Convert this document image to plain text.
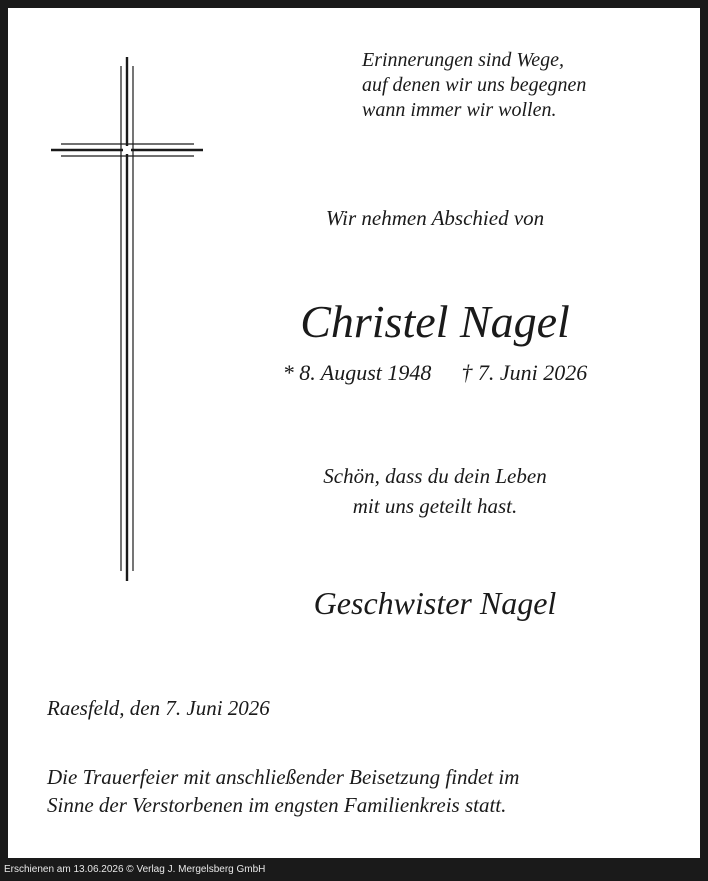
Erinnerungen sind Wege,
auf denen wir uns begegnen
wann immer wir wollen.
Wir nehmen Abschied von
Christel Nagel
* 8. August 1948 † 7. Juni 2026
Schön, dass du dein Leben
mit uns geteilt hast.
Geschwister Nagel
Raesfeld, den 7. Juni 2026
Die Trauerfeier mit anschließender Beisetzung findet im
Sinne der Verstorbenen im engsten Familienkreis statt.
Erschienen am 13.06.2026 © Verlag J. Mergelsberg GmbH
